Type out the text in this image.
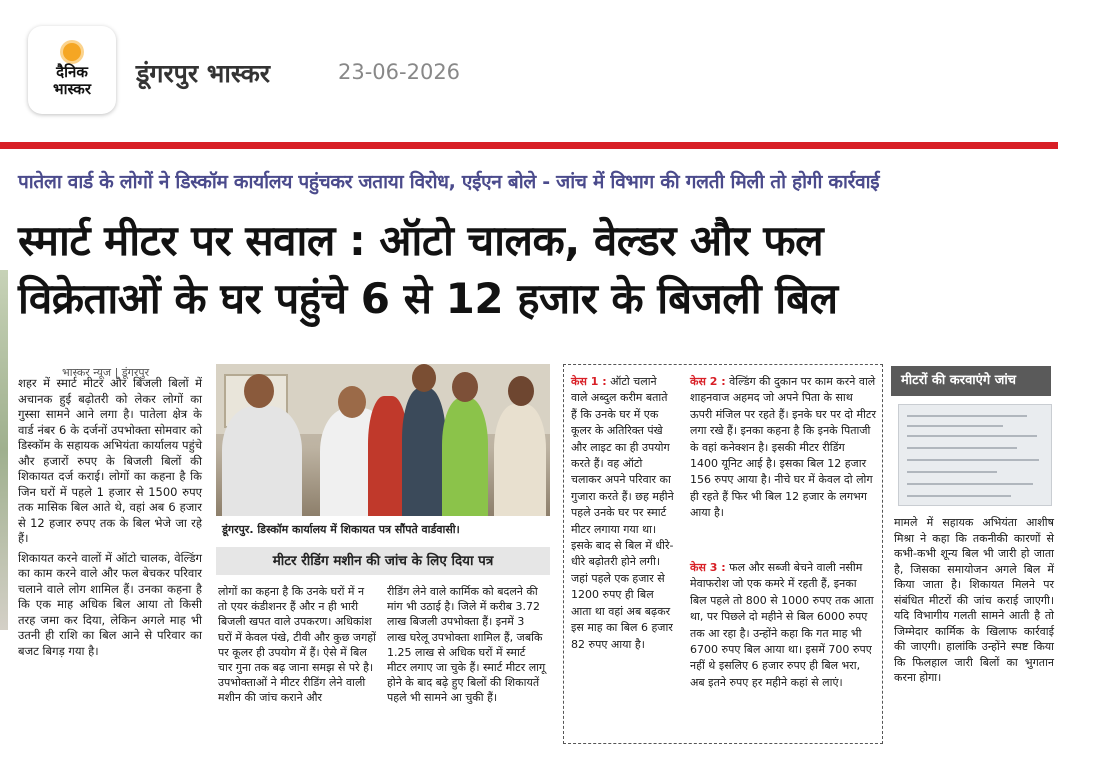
दैनिक
भास्कर
डूंगरपुर भास्कर	23-06-2026
पातेला वार्ड के लोगों ने डिस्कॉम कार्यालय पहुंचकर जताया विरोध, एईएन बोले - जांच में विभाग की गलती मिली तो होगी कार्रवाई
स्मार्ट मीटर पर सवाल : ऑटो चालक, वेल्डर और फल
विक्रेताओं के घर पहुंचे 6 से 12 हजार के बिजली बिल
भास्कर न्यूज | डूंगरपुर

शहर में स्मार्ट मीटर और बिजली बिलों में अचानक हुई बढ़ोतरी को लेकर लोगों का गुस्सा सामने आने लगा है। पातेला क्षेत्र के वार्ड नंबर 6 के दर्जनों उपभोक्ता सोमवार को डिस्कॉम के सहायक अभियंता कार्यालय पहुंचे और हजारों रुपए के बिजली बिलों की शिकायत दर्ज कराई। लोगों का कहना है कि जिन घरों में पहले 1 हजार से 1500 रुपए तक मासिक बिल आते थे, वहां अब 6 हजार से 12 हजार रुपए तक के बिल भेजे जा रहे हैं।

शिकायत करने वालों में ऑटो चालक, वेल्डिंग का काम करने वाले और फल बेचकर परिवार चलाने वाले लोग शामिल हैं। उनका कहना है कि एक माह अधिक बिल आया तो किसी तरह जमा कर दिया, लेकिन अगले माह भी उतनी ही राशि का बिल आने से परिवार का बजट बिगड़ गया है।

डूंगरपुर. डिस्कॉम कार्यालय में शिकायत पत्र सौंपते वार्डवासी।
मीटर रीडिंग मशीन की जांच के लिए दिया पत्र
लोगों का कहना है कि उनके घरों में न तो एयर कंडीशनर हैं और न ही भारी बिजली खपत वाले उपकरण। अधिकांश घरों में केवल पंखे, टीवी और कुछ जगहों पर कूलर ही उपयोग में हैं। ऐसे में बिल चार गुना तक बढ़ जाना समझ से परे है। उपभोक्ताओं ने मीटर रीडिंग लेने वाली मशीन की जांच कराने और
रीडिंग लेने वाले कार्मिक को बदलने की मांग भी उठाई है। जिले में करीब 3.72 लाख बिजली उपभोक्ता हैं। इनमें 3 लाख घरेलू उपभोक्ता शामिल हैं, जबकि 1.25 लाख से अधिक घरों में स्मार्ट मीटर लगाए जा चुके हैं। स्मार्ट मीटर लागू होने के बाद बढ़े हुए बिलों की शिकायतें पहले भी सामने आ चुकी हैं।
केस 1 : ऑटो चलाने वाले अब्दुल करीम बताते हैं कि उनके घर में एक कूलर के अतिरिक्त पंखे और लाइट का ही उपयोग करते हैं। वह ऑटो चलाकर अपने परिवार का गुजारा करते हैं। छह महीने पहले उनके घर पर स्मार्ट मीटर लगाया गया था। इसके बाद से बिल में धीरे-धीरे बढ़ोतरी होने लगी। जहां पहले एक हजार से 1200 रुपए ही बिल आता था वहां अब बढ़कर इस माह का बिल 6 हजार 82 रुपए आया है।
केस 2 : वेल्डिंग की दुकान पर काम करने वाले शाहनवाज अहमद जो अपने पिता के साथ ऊपरी मंजिल पर रहते हैं। इनके घर पर दो मीटर लगा रखे हैं। इनका कहना है कि इनके पिताजी के वहां कनेक्शन है। इसकी मीटर रीडिंग 1400 यूनिट आई है। इसका बिल 12 हजार 156 रुपए आया है। नीचे घर में केवल दो लोग ही रहते हैं फिर भी बिल 12 हजार के लगभग आया है।
केस 3 : फल और सब्जी बेचने वाली नसीम मेवाफरोश जो एक कमरे में रहती हैं, इनका बिल पहले तो 800 से 1000 रुपए तक आता था, पर पिछले दो महीने से बिल 6000 रुपए तक आ रहा है। उन्होंने कहा कि गत माह भी 6700 रुपए बिल आया था। इसमें 700 रुपए नहीं थे इसलिए 6 हजार रुपए ही बिल भरा, अब इतने रुपए हर महीने कहां से लाएं।
मीटरों की करवाएंगे जांच
मामले में सहायक अभियंता आशीष मिश्रा ने कहा कि तकनीकी कारणों से कभी-कभी शून्य बिल भी जारी हो जाता है, जिसका समायोजन अगले बिल में किया जाता है। शिकायत मिलने पर संबंधित मीटरों की जांच कराई जाएगी। यदि विभागीय गलती सामने आती है तो जिम्मेदार कार्मिक के खिलाफ कार्रवाई की जाएगी। हालांकि उन्होंने स्पष्ट किया कि फिलहाल जारी बिलों का भुगतान करना होगा।
